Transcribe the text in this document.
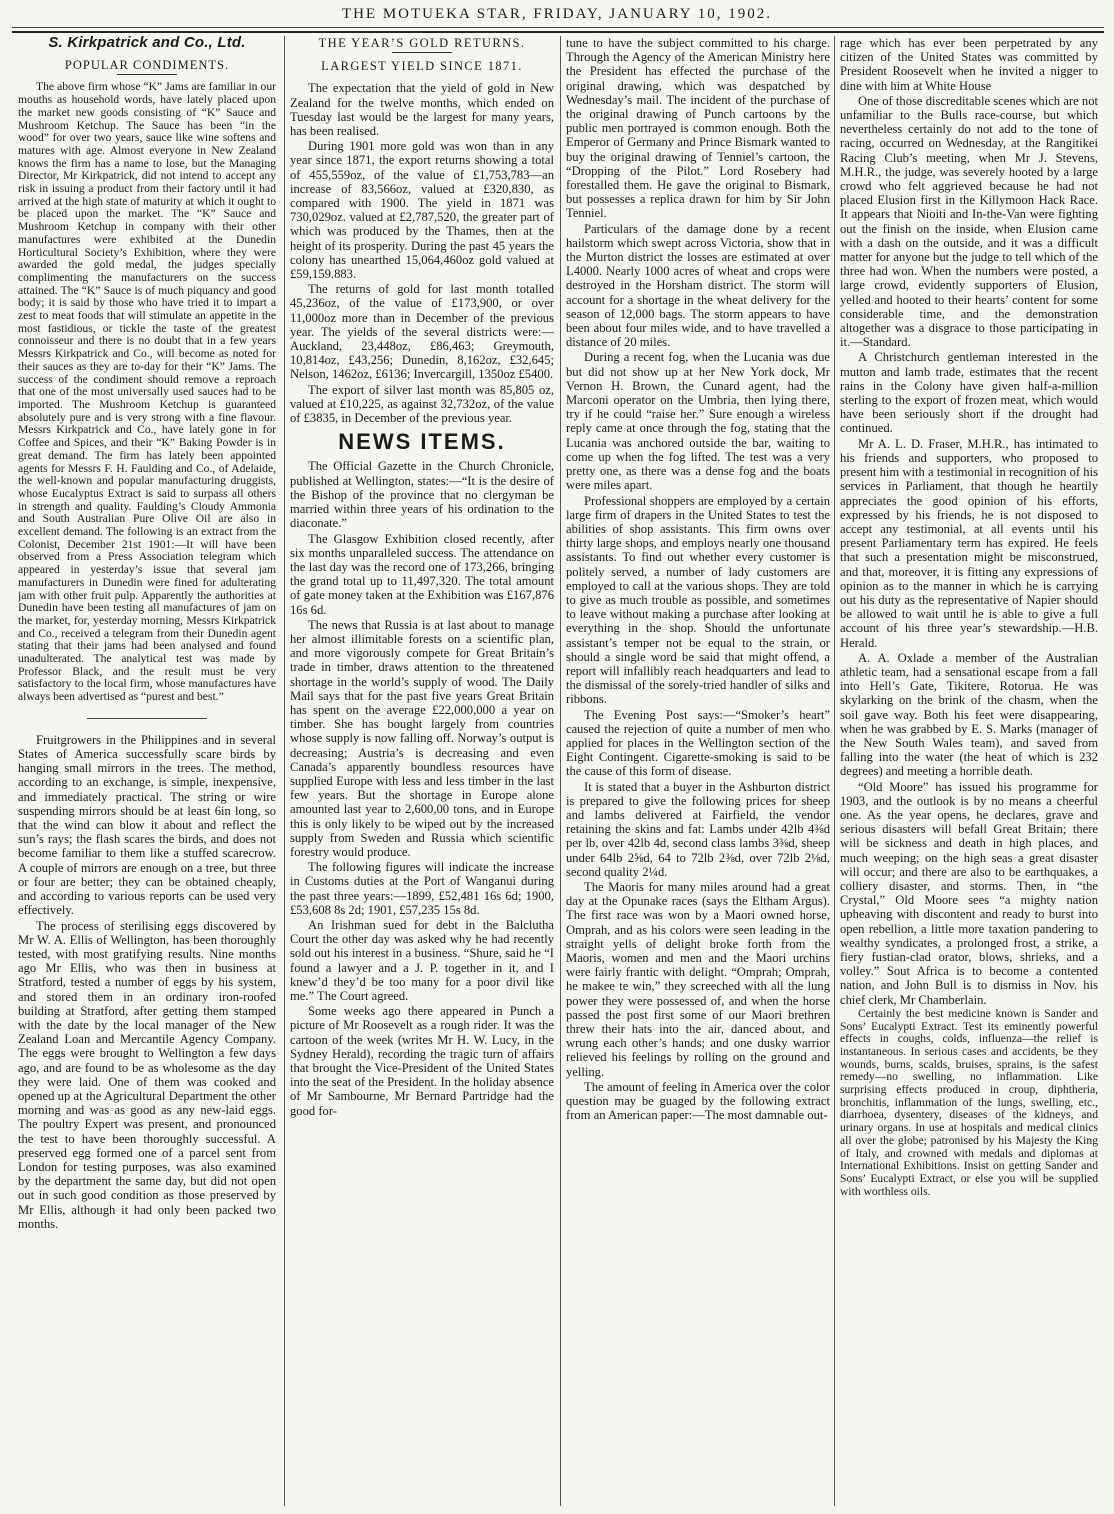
THE MOTUEKA STAR, FRIDAY, JANUARY 10, 1902.
S. Kirkpatrick and Co., Ltd.
POPULAR CONDIMENTS.

The above firm whose “K” Jams are familiar in our mouths as household words, have lately placed upon the market new goods consisting of “K” Sauce and Mushroom Ketchup. The Sauce has been “in the wood” for over two years, sauce like wine softens and matures with age. Almost everyone in New Zealand knows the firm has a name to lose, but the Managing Director, Mr Kirkpatrick, did not intend to accept any risk in issuing a product from their factory until it had arrived at the high state of maturity at which it ought to be placed upon the market. The “K” Sauce and Mushroom Ketchup in company with their other manufactures were exhibited at the Dunedin Horticultural Society’s Exhibition, where they were awarded the gold medal, the judges specially complimenting the manufacturers on the success attained. The “K” Sauce is of much piquancy and good body; it is said by those who have tried it to impart a zest to meat foods that will stimulate an appetite in the most fastidious, or tickle the taste of the greatest connoisseur and there is no doubt that in a few years Messrs Kirkpatrick and Co., will become as noted for their sauces as they are to-day for their “K” Jams. The success of the condiment should remove a reproach that one of the most universally used sauces had to be imported. The Mushroom Ketchup is guaranteed absolutely pure and is very strong with a fine flavour. Messrs Kirkpatrick and Co., have lately gone in for Coffee and Spices, and their “K” Baking Powder is in great demand. The firm has lately been appointed agents for Messrs F. H. Faulding and Co., of Adelaide, the well-known and popular manufacturing druggists, whose Eucalyptus Extract is said to surpass all others in strength and quality. Faulding’s Cloudy Ammonia and South Australian Pure Olive Oil are also in excellent demand. The following is an extract from the Colonist, December 21st 1901:—It will have been observed from a Press Association telegram which appeared in yesterday’s issue that several jam manufacturers in Dunedin were fined for adulterating jam with other fruit pulp. Apparently the authorities at Dunedin have been testing all manufactures of jam on the market, for, yesterday morning, Messrs Kirkpatrick and Co., received a telegram from their Dunedin agent stating that their jams had been analysed and found unadulterated. The analytical test was made by Professor Black, and the result must be very satisfactory to the local firm, whose manufactures have always been advertised as “purest and best.”

Fruitgrowers in the Philippines and in several States of America successfully scare birds by hanging small mirrors in the trees. The method, according to an exchange, is simple, inexpensive, and immediately practical. The string or wire suspending mirrors should be at least 6in long, so that the wind can blow it about and reflect the sun’s rays; the flash scares the birds, and does not become familiar to them like a stuffed scarecrow. A couple of mirrors are enough on a tree, but three or four are better; they can be obtained cheaply, and according to various reports can be used very effectively.

The process of sterilising eggs discovered by Mr W. A. Ellis of Wellington, has been thoroughly tested, with most gratifying results. Nine months ago Mr Ellis, who was then in business at Stratford, tested a number of eggs by his system, and stored them in an ordinary iron-roofed building at Stratford, after getting them stamped with the date by the local manager of the New Zealand Loan and Mercantile Agency Company. The eggs were brought to Wellington a few days ago, and are found to be as wholesome as the day they were laid. One of them was cooked and opened up at the Agricultural Department the other morning and was as good as any new-laid eggs. The poultry Expert was present, and pronounced the test to have been thoroughly successful. A preserved egg formed one of a parcel sent from London for testing purposes, was also examined by the department the same day, but did not open out in such good condition as those preserved by Mr Ellis, although it had only been packed two months.

THE YEAR’S GOLD RETURNS.
LARGEST YIELD SINCE 1871.

The expectation that the yield of gold in New Zealand for the twelve months, which ended on Tuesday last would be the largest for many years, has been realised.

During 1901 more gold was won than in any year since 1871, the export returns showing a total of 455,559oz, of the value of £1,753,783—an increase of 83,566oz, valued at £320,830, as compared with 1900. The yield in 1871 was 730,029oz. valued at £2,787,520, the greater part of which was produced by the Thames, then at the height of its prosperity. During the past 45 years the colony has unearthed 15,064,460oz gold valued at £59,159.883.

The returns of gold for last month totalled 45,236oz, of the value of £173,900, or over 11,000oz more than in December of the previous year. The yields of the several districts were:—Auckland, 23,448oz, £86,463; Greymouth, 10,814oz, £43,256; Dunedin, 8,162oz, £32,645; Nelson, 1462oz, £6136; Invercargill, 1350oz £5400.

The export of silver last month was 85,805 oz, valued at £10,225, as against 32,732oz, of the value of £3835, in December of the previous year.

NEWS ITEMS.

The Official Gazette in the Church Chronicle, published at Wellington, states:—“It is the desire of the Bishop of the province that no clergyman be married within three years of his ordination to the diaconate.”

The Glasgow Exhibition closed recently, after six months unparalleled success. The attendance on the last day was the record one of 173,266, bringing the grand total up to 11,497,320. The total amount of gate money taken at the Exhibition was £167,876 16s 6d.

The news that Russia is at last about to manage her almost illimitable forests on a scientific plan, and more vigorously compete for Great Britain’s trade in timber, draws attention to the threatened shortage in the world’s supply of wood. The Daily Mail says that for the past five years Great Britain has spent on the average £22,000,000 a year on timber. She has bought largely from countries whose supply is now falling off. Norway’s output is decreasing; Austria’s is decreasing and even Canada’s apparently boundless resources have supplied Europe with less and less timber in the last few years. But the shortage in Europe alone amounted last year to 2,600,00 tons, and in Europe this is only likely to be wiped out by the increased supply from Sweden and Russia which scientific forestry would produce.

The following figures will indicate the increase in Customs duties at the Port of Wanganui during the past three years:—1899, £52,481 16s 6d; 1900, £53,608 8s 2d; 1901, £57,235 15s 8d.

An Irishman sued for debt in the Balclutha Court the other day was asked why he had recently sold out his interest in a business. “Shure, said he “I found a lawyer and a J. P. together in it, and I knew’d they’d be too many for a poor divil like me.” The Court agreed.

Some weeks ago there appeared in Punch a picture of Mr Roosevelt as a rough rider. It was the cartoon of the week (writes Mr H. W. Lucy, in the Sydney Herald), recording the tragic turn of affairs that brought the Vice-President of the United States into the seat of the President. In the holiday absence of Mr Sambourne, Mr Bernard Partridge had the good for-

tune to have the subject committed to his charge. Through the Agency of the American Ministry here the President has effected the purchase of the original drawing, which was despatched by Wednesday’s mail. The incident of the purchase of the original drawing of Punch cartoons by the public men portrayed is common enough. Both the Emperor of Germany and Prince Bismark wanted to buy the original drawing of Tenniel’s cartoon, the “Dropping of the Pilot.” Lord Rosebery had forestalled them. He gave the original to Bismark, but possesses a replica drawn for him by Sir John Tenniel.

Particulars of the damage done by a recent hailstorm which swept across Victoria, show that in the Murton district the losses are estimated at over L4000. Nearly 1000 acres of wheat and crops were destroyed in the Horsham district. The storm will account for a shortage in the wheat delivery for the season of 12,000 bags. The storm appears to have been about four miles wide, and to have travelled a distance of 20 miles.

During a recent fog, when the Lucania was due but did not show up at her New York dock, Mr Vernon H. Brown, the Cunard agent, had the Marconi operator on the Umbria, then lying there, try if he could “raise her.” Sure enough a wireless reply came at once through the fog, stating that the Lucania was anchored outside the bar, waiting to come up when the fog lifted. The test was a very pretty one, as there was a dense fog and the boats were miles apart.

Professional shoppers are employed by a certain large firm of drapers in the United States to test the abilities of shop assistants. This firm owns over thirty large shops, and employs nearly one thousand assistants. To find out whether every customer is politely served, a number of lady customers are employed to call at the various shops. They are told to give as much trouble as possible, and sometimes to leave without making a purchase after looking at everything in the shop. Should the unfortunate assistant’s temper not be equal to the strain, or should a single word be said that might offend, a report will infallibly reach headquarters and lead to the dismissal of the sorely-tried handler of silks and ribbons.

The Evening Post says:—“Smoker’s heart” caused the rejection of quite a number of men who applied for places in the Wellington section of the Eight Contingent. Cigarette-smoking is said to be the cause of this form of disease.

It is stated that a buyer in the Ashburton district is prepared to give the following prices for sheep and lambs delivered at Fairfield, the vendor retaining the skins and fat: Lambs under 42lb 4⅜d per lb, over 42lb 4d, second class lambs 3⅜d, sheep under 64lb 2⅝d, 64 to 72lb 2⅜d, over 72lb 2⅛d, second quality 2¼d.

The Maoris for many miles around had a great day at the Opunake races (says the Eltham Argus). The first race was won by a Maori owned horse, Omprah, and as his colors were seen leading in the straight yells of delight broke forth from the Maoris, women and men and the Maori urchins were fairly frantic with delight. “Omprah; Omprah, he makee te win,” they screeched with all the lung power they were possessed of, and when the horse passed the post first some of our Maori brethren threw their hats into the air, danced about, and wrung each other’s hands; and one dusky warrior relieved his feelings by rolling on the ground and yelling.

The amount of feeling in America over the color question may be guaged by the following extract from an American paper:—The most damnable out-

rage which has ever been perpetrated by any citizen of the United States was committed by President Roosevelt when he invited a nigger to dine with him at White House

One of those discreditable scenes which are not unfamiliar to the Bulls race-course, but which nevertheless certainly do not add to the tone of racing, occurred on Wednesday, at the Rangitikei Racing Club’s meeting, when Mr J. Stevens, M.H.R., the judge, was severely hooted by a large crowd who felt aggrieved because he had not placed Elusion first in the Killymoon Hack Race. It appears that Nioiti and In-the-Van were fighting out the finish on the inside, when Elusion came with a dash on the outside, and it was a difficult matter for anyone but the judge to tell which of the three had won. When the numbers were posted, a large crowd, evidently supporters of Elusion, yelled and hooted to their hearts’ content for some considerable time, and the demonstration altogether was a disgrace to those participating in it.—Standard.

A Christchurch gentleman interested in the mutton and lamb trade, estimates that the recent rains in the Colony have given half-a-million sterling to the export of frozen meat, which would have been seriously short if the drought had continued.

Mr A. L. D. Fraser, M.H.R., has intimated to his friends and supporters, who proposed to present him with a testimonial in recognition of his services in Parliament, that though he heartily appreciates the good opinion of his efforts, expressed by his friends, he is not disposed to accept any testimonial, at all events until his present Parliamentary term has expired. He feels that such a presentation might be misconstrued, and that, moreover, it is fitting any expressions of opinion as to the manner in which he is carrying out his duty as the representative of Napier should be allowed to wait until he is able to give a full account of his three year’s stewardship.—H.B. Herald.

A. A. Oxlade a member of the Australian athletic team, had a sensational escape from a fall into Hell’s Gate, Tikitere, Rotorua. He was skylarking on the brink of the chasm, when the soil gave way. Both his feet were disappearing, when he was grabbed by E. S. Marks (manager of the New South Wales team), and saved from falling into the water (the heat of which is 232 degrees) and meeting a horrible death.

“Old Moore” has issued his programme for 1903, and the outlook is by no means a cheerful one. As the year opens, he declares, grave and serious disasters will befall Great Britain; there will be sickness and death in high places, and much weeping; on the high seas a great disaster will occur; and there are also to be earthquakes, a colliery disaster, and storms. Then, in “the Crystal,” Old Moore sees “a mighty nation upheaving with discontent and ready to burst into open rebellion, a little more taxation pandering to wealthy syndicates, a prolonged frost, a strike, a fiery fustian-clad orator, blows, shrieks, and a volley.” Sout Africa is to become a contented nation, and John Bull is to dismiss in Nov. his chief clerk, Mr Chamberlain.

Certainly the best medicine known is Sander and Sons’ Eucalypti Extract. Test its eminently powerful effects in coughs, colds, influenza—the relief is instantaneous. In serious cases and accidents, be they wounds, burns, scalds, bruises, sprains, is the safest remedy—no swelling, no inflammation. Like surprising effects produced in croup, diphtheria, bronchitis, inflammation of the lungs, swelling, etc., diarrhoea, dysentery, diseases of the kidneys, and urinary organs. In use at hospitals and medical clinics all over the globe; patronised by his Majesty the King of Italy, and crowned with medals and diplomas at International Exhibitions. Insist on getting Sander and Sons’ Eucalypti Extract, or else you will be supplied with worthless oils.
